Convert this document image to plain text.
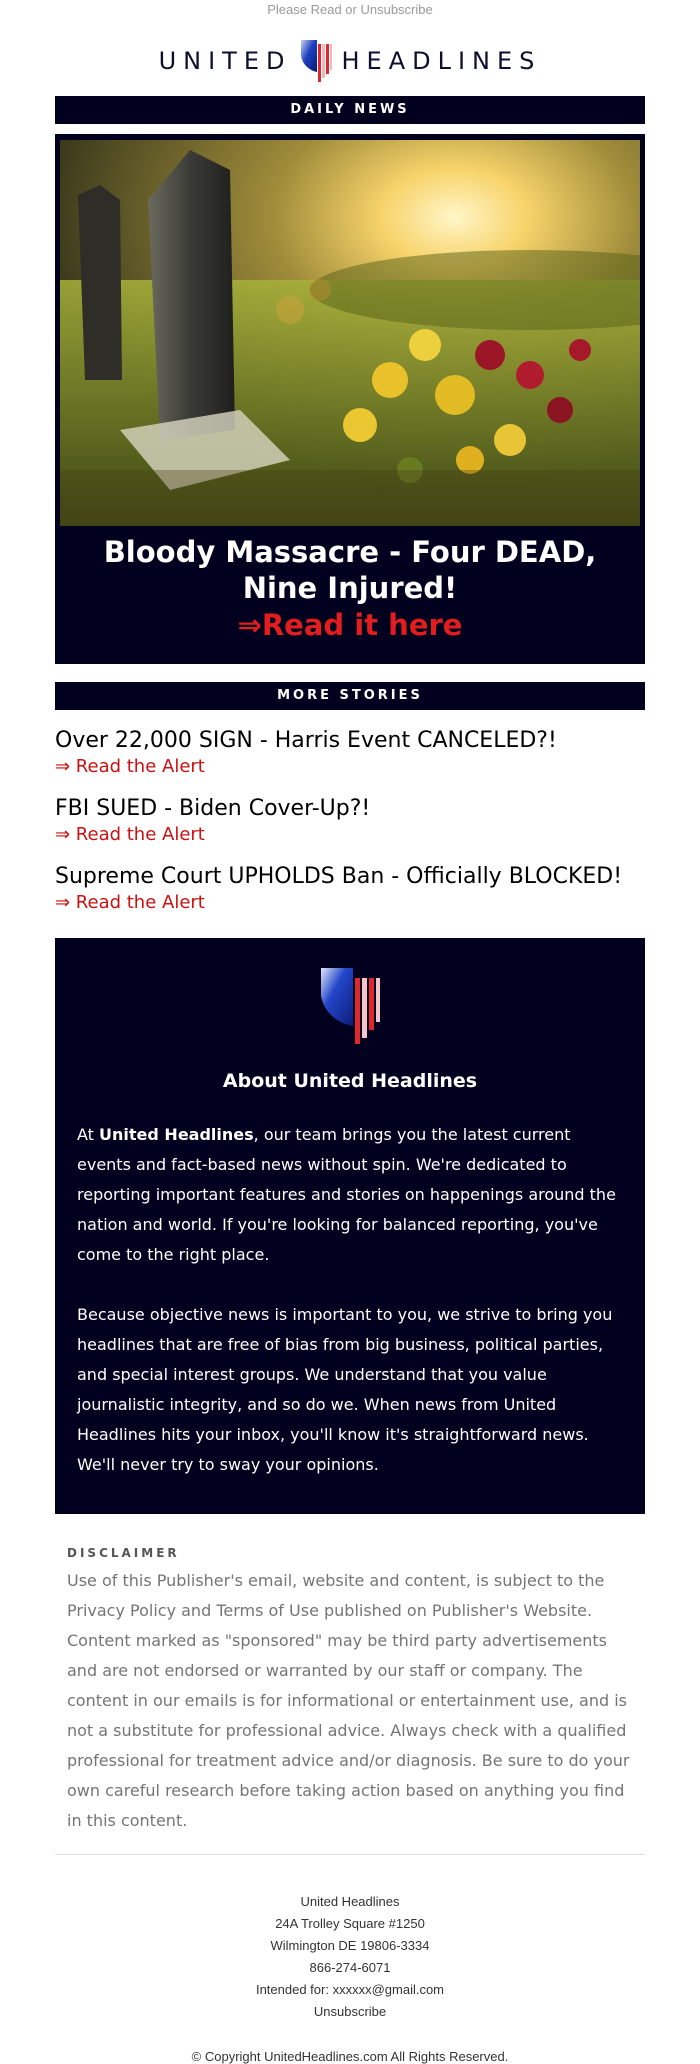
Please Read or Unsubscribe
UNITED HEADLINES
DAILY NEWS
Bloody Massacre - Four DEAD, Nine Injured!
⇒Read it here
MORE STORIES
Over 22,000 SIGN - Harris Event CANCELED?!
⇒ Read the Alert
FBI SUED - Biden Cover-Up?!
⇒ Read the Alert
Supreme Court UPHOLDS Ban - Officially BLOCKED!
⇒ Read the Alert
About United Headlines

At United Headlines, our team brings you the latest current events and fact-based news without spin. We're dedicated to reporting important features and stories on happenings around the nation and world. If you're looking for balanced reporting, you've come to the right place.

Because objective news is important to you, we strive to bring you headlines that are free of bias from big business, political parties, and special interest groups. We understand that you value journalistic integrity, and so do we. When news from United Headlines hits your inbox, you'll know it's straightforward news. We'll never try to sway your opinions.

DISCLAIMER
Use of this Publisher's email, website and content, is subject to the Privacy Policy and Terms of Use published on Publisher's Website. Content marked as "sponsored" may be third party advertisements and are not endorsed or warranted by our staff or company. The content in our emails is for informational or entertainment use, and is not a substitute for professional advice. Always check with a qualified professional for treatment advice and/or diagnosis. Be sure to do your own careful research before taking action based on anything you find in this content.
United Headlines
24A Trolley Square #1250
Wilmington DE 19806-3334
866-274-6071
Intended for: xxxxxx@gmail.com
Unsubscribe
© Copyright UnitedHeadlines.com All Rights Reserved.
